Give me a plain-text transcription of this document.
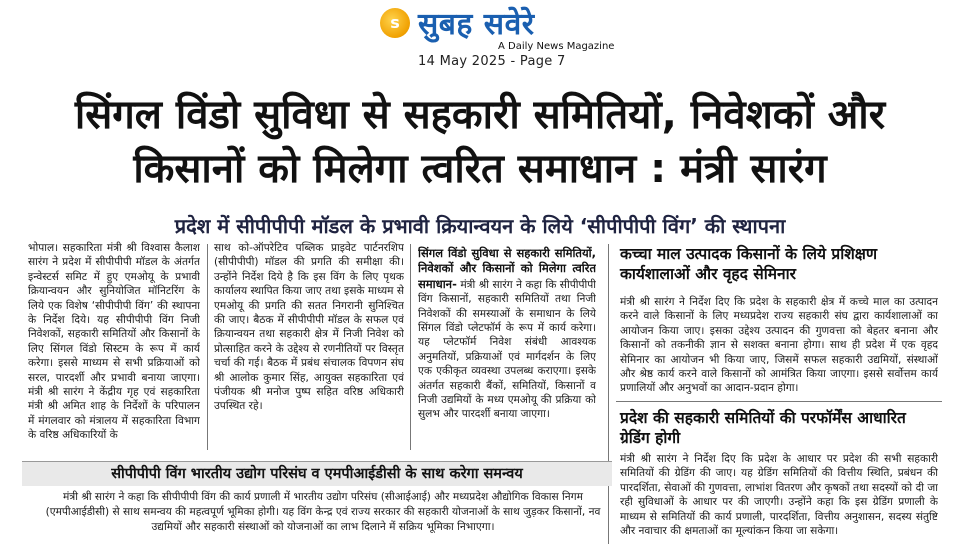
s सुबह सवेरे
A Daily News Magazine
14 May 2025 - Page 7
सिंगल विंडो सुविधा से सहकारी समितियों, निवेशकों और
किसानों को मिलेगा त्वरित समाधान : मंत्री सारंग
प्रदेश में सीपीपीपी मॉडल के प्रभावी क्रियान्वयन के लिये ‘सीपीपीपी विंग’ की स्थापना
भोपाल। सहकारिता मंत्री श्री विश्वास कैलाश सारंग ने प्रदेश में सीपीपीपी मॉडल के अंतर्गत इन्वेस्टर्स समिट में हुए एमओयू के प्रभावी क्रियान्वयन और सुनियोजित मॉनिटरिंग के लिये एक विशेष ‘सीपीपीपी विंग’ की स्थापना के निर्देश दिये। यह सीपीपीपी विंग निजी निवेशकों, सहकारी समितियों और किसानों के लिए सिंगल विंडो सिस्टम के रूप में कार्य करेगा। इससे माध्यम से सभी प्रक्रियाओं को सरल, पारदर्शी और प्रभावी बनाया जाएगा। मंत्री श्री सारंग ने केंद्रीय गृह एवं सहकारिता मंत्री श्री अमित शाह के निर्देशों के परिपालन में मंगलवार को मंत्रालय में सहकारिता विभाग के वरिष्ठ अधिकारियों के
साथ को-ऑपरेटिव पब्लिक प्राइवेट पार्टनरशिप (सीपीपीपी) मॉडल की प्रगति की समीक्षा की। उन्होंने निर्देश दिये है कि इस विंग के लिए पृथक कार्यालय स्थापित किया जाए तथा इसके माध्यम से एमओयू की प्रगति की सतत निगरानी सुनिश्चित की जाए। बैठक में सीपीपीपी मॉडल के सफल एवं क्रियान्वयन तथा सहकारी क्षेत्र में निजी निवेश को प्रोत्साहित करने के उद्देश्य से रणनीतियों पर विस्तृत चर्चा की गई। बैठक में प्रबंध संचालक विपणन संघ श्री आलोक कुमार सिंह, आयुक्त सहकारिता एवं पंजीयक श्री मनोज पुष्प सहित वरिष्ठ अधिकारी उपस्थित रहे।
सिंगल विंडो सुविधा से सहकारी समितियों, निवेशकों और किसानों को मिलेगा त्वरित समाधान- मंत्री श्री सारंग ने कहा कि सीपीपीपी विंग किसानों, सहकारी समितियों तथा निजी निवेशकों की समस्याओं के समाधान के लिये सिंगल विंडो प्लेटफॉर्म के रूप में कार्य करेगा। यह प्लेटफॉर्म निवेश संबंधी आवश्यक अनुमतियों, प्रक्रियाओं एवं मार्गदर्शन के लिए एक एकीकृत व्यवस्था उपलब्ध कराएगा। इसके अंतर्गत सहकारी बैंकों, समितियों, किसानों व निजी उद्यमियों के मध्य एमओयू की प्रक्रिया को सुलभ और पारदर्शी बनाया जाएगा।
कच्चा माल उत्पादक किसानों के लिये प्रशिक्षण कार्यशालाओं और वृहद सेमिनार
मंत्री श्री सारंग ने निर्देश दिए कि प्रदेश के सहकारी क्षेत्र में कच्चे माल का उत्पादन करने वाले किसानों के लिए मध्यप्रदेश राज्य सहकारी संघ द्वारा कार्यशालाओं का आयोजन किया जाए। इसका उद्देश्य उत्पादन की गुणवत्ता को बेहतर बनाना और किसानों को तकनीकी ज्ञान से सशक्त बनाना होगा। साथ ही प्रदेश में एक वृहद सेमिनार का आयोजन भी किया जाए, जिसमें सफल सहकारी उद्यमियों, संस्थाओं और श्रेष्ठ कार्य करने वाले किसानों को आमंत्रित किया जाएगा। इससे सर्वोत्तम कार्य प्रणालियों और अनुभवों का आदान-प्रदान होगा।
प्रदेश की सहकारी समितियों की परफॉर्मेंस आधारित ग्रेडिंग होगी
मंत्री श्री सारंग ने निर्देश दिए कि प्रदेश के आधार पर प्रदेश की सभी सहकारी समितियों की ग्रेडिंग की जाए। यह ग्रेडिंग समितियों की वित्तीय स्थिति, प्रबंधन की पारदर्शिता, सेवाओं की गुणवत्ता, लाभांश वितरण और कृषकों तथा सदस्यों को दी जा रही सुविधाओं के आधार पर की जाएगी। उन्होंने कहा कि इस ग्रेडिंग प्रणाली के माध्यम से समितियों की कार्य प्रणाली, पारदर्शिता, वित्तीय अनुशासन, सदस्य संतुष्टि और नवाचार की क्षमताओं का मूल्यांकन किया जा सकेगा।
सीपीपीपी विंग भारतीय उद्योग परिसंघ व एमपीआईडीसी के साथ करेगा समन्वय
मंत्री श्री सारंग ने कहा कि सीपीपीपी विंग की कार्य प्रणाली में भारतीय उद्योग परिसंघ (सीआईआई) और मध्यप्रदेश औद्योगिक विकास निगम (एमपीआईडीसी) से साथ समन्वय की महत्वपूर्ण भूमिका होगी। यह विंग केन्द्र एवं राज्य सरकार की सहकारी योजनाओं के साथ जुड़कर किसानों, नव उद्यमियों और सहकारी संस्थाओं को योजनाओं का लाभ दिलाने में सक्रिय भूमिका निभाएगा।
